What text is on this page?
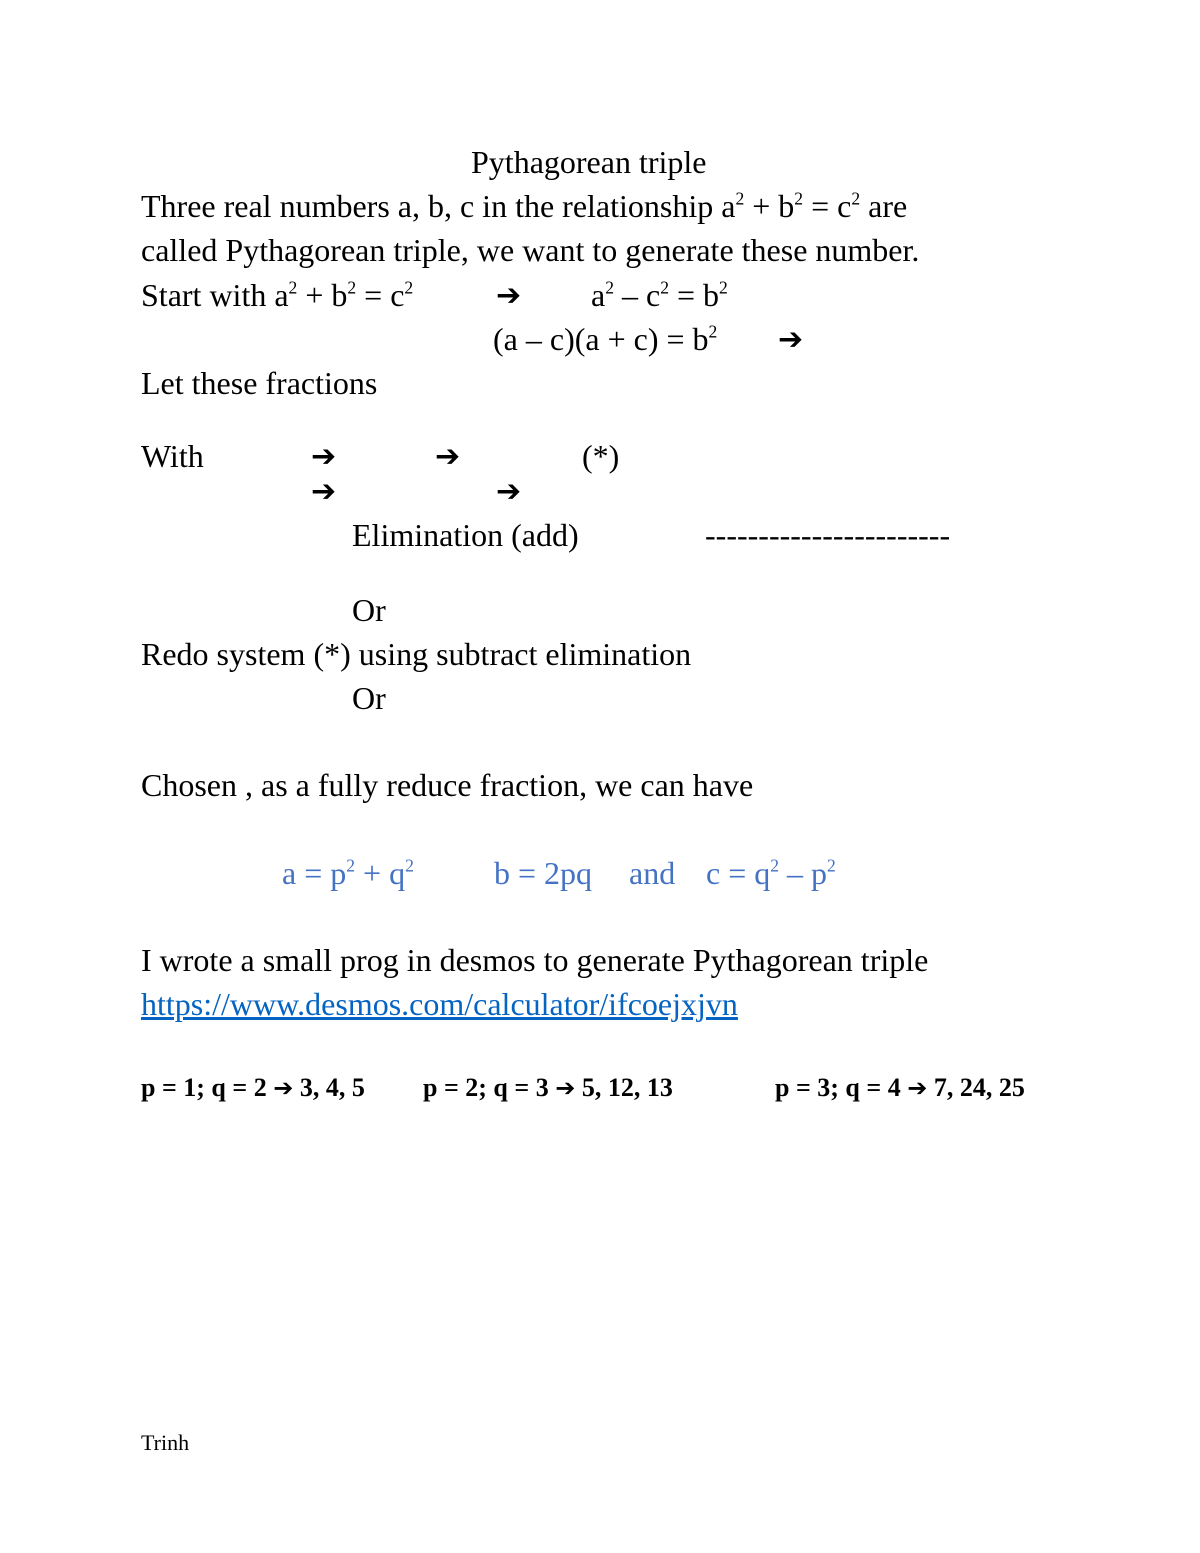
Pythagorean triple
Three real numbers a, b, c in the relationship $a^2 + b^2 = c^2$ are
called Pythagorean triple, we want to generate these number.
Start with $a^2 + b^2 = c^2$	➔ $a^2 - c^2 = b^2$
$(a - c)(a + c) = b^2$ ➔
Let these fractions
With	➔	➔	(*)
➔	➔
Elimination (add)	-----------------------
Or
Redo system (*) using subtract elimination
Or
Chosen , as a fully reduce fraction, we can have
$a = p^2 + q^2$	b = 2pq and $c = q^2 - p^2$
I wrote a small prog in desmos to generate Pythagorean triple
https://www.desmos.com/calculator/ifcoejxjvn
p = 1; q = 2 ➔ 3, 4, 5 p = 2; q = 3 ➔ 5, 12, 13	p = 3; q = 4 ➔ 7, 24, 25
Trinh
